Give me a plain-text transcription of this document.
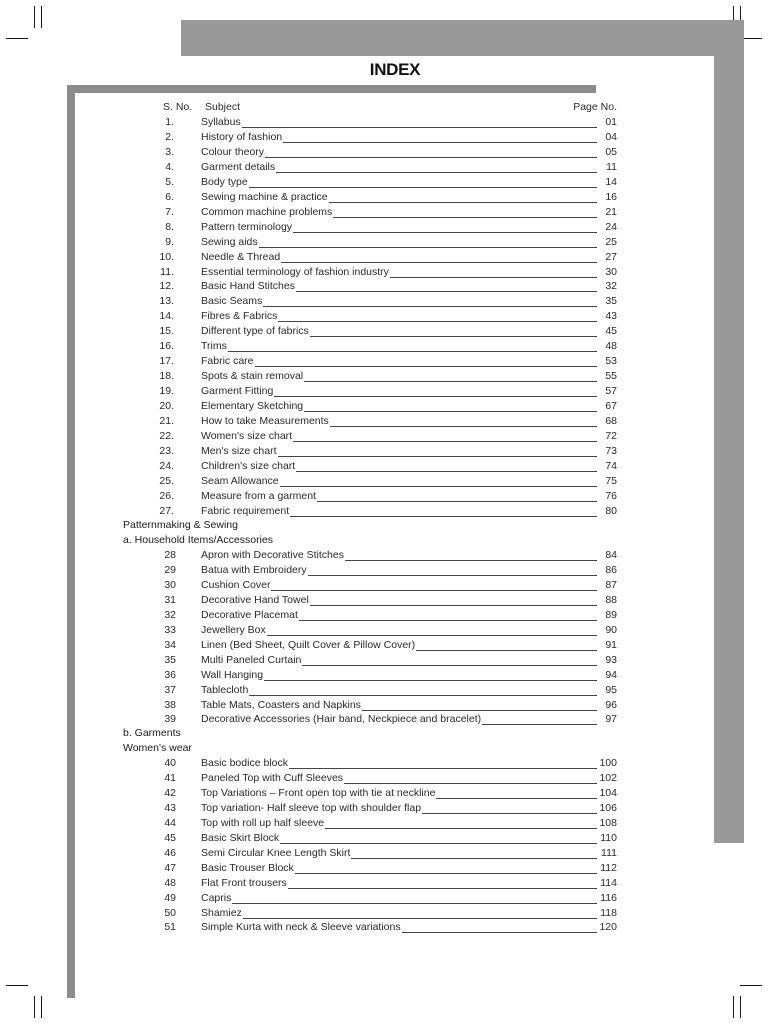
INDEX
S. No. Subject	Page No.
1.	Syllabus	01
2.	History of fashion	04
3.	Colour theory	05
4.	Garment details	11
5.	Body type	14
6.	Sewing machine & practice	16
7.	Common machine problems	21
8.	Pattern terminology	24
9.	Sewing aids	25
10.	Needle & Thread	27
11.	Essential terminology of fashion industry	30
12.	Basic Hand Stitches	32
13.	Basic Seams	35
14.	Fibres & Fabrics	43
15.	Different type of fabrics	45
16.	Trims	48
17.	Fabric care	53
18.	Spots & stain removal	55
19.	Garment Fitting	57
20.	Elementary Sketching	67
21.	How to take Measurements	68
22.	Women's size chart	72
23.	Men's size chart	73
24.	Children's size chart	74
25.	Seam Allowance	75
26.	Measure from a garment	76
27.	Fabric requirement	80
Patternmaking & Sewing
a. Household Items/Accessories
28 Apron with Decorative Stitches	84
29 Batua with Embroidery	86
30 Cushion Cover	87
31 Decorative Hand Towel	88
32 Decorative Placemat	89
33 Jewellery Box	90
34 Linen (Bed Sheet, Quilt Cover & Pillow Cover)	91
35 Multi Paneled Curtain	93
36 Wall Hanging	94
37 Tablecloth	95
38 Table Mats, Coasters and Napkins	96
39 Decorative Accessories (Hair band, Neckpiece and bracelet)	97
b. Garments
Women's wear
40 Basic bodice block	100
41 Paneled Top with Cuff Sleeves	102
42 Top Variations – Front open top with tie at neckline	104
43 Top variation- Half sleeve top with shoulder flap	106
44 Top with roll up half sleeve	108
45 Basic Skirt Block	110
46 Semi Circular Knee Length Skirt	111
47 Basic Trouser Block	112
48 Flat Front trousers	114
49 Capris	116
50 Shamiez	118
51 Simple Kurta with neck & Sleeve variations	120
